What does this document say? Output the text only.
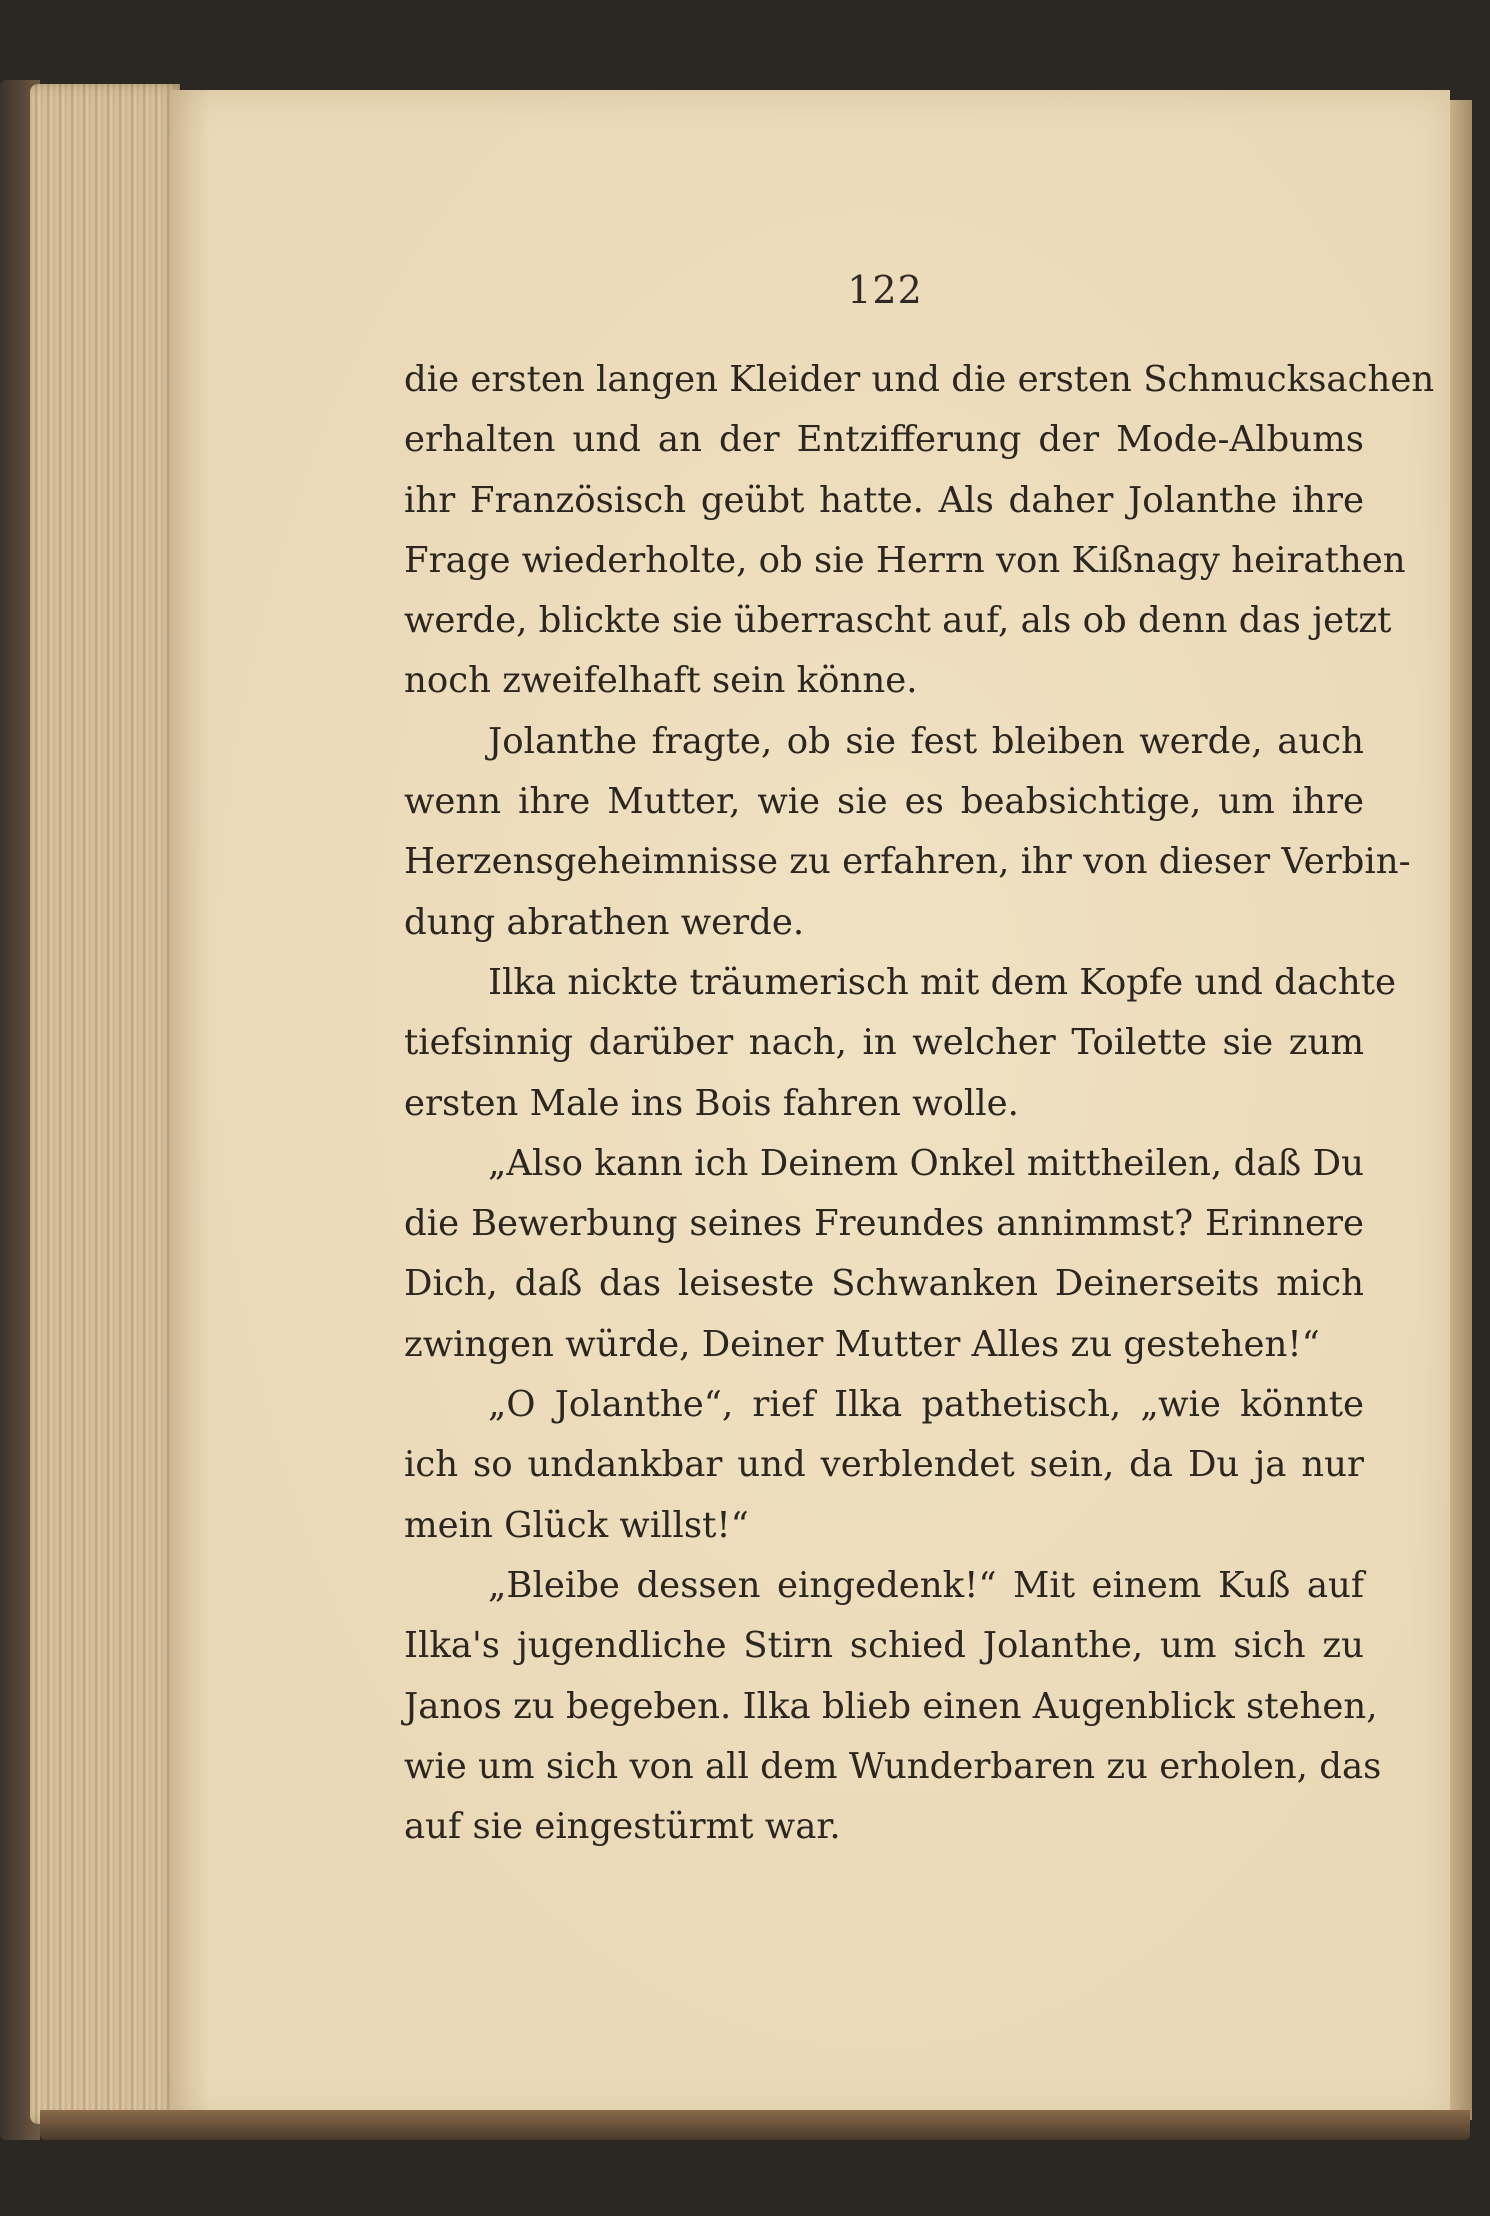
122

die ersten langen Kleider und die ersten Schmucksachen
erhalten und an der Entzifferung der Mode-Albums
ihr Französisch geübt hatte. Als daher Jolanthe ihre
Frage wiederholte, ob sie Herrn von Kißnagy heirathen
werde, blickte sie überrascht auf, als ob denn das jetzt
noch zweifelhaft sein könne.

Jolanthe fragte, ob sie fest bleiben werde, auch
wenn ihre Mutter, wie sie es beabsichtige, um ihre
Herzensgeheimnisse zu erfahren, ihr von dieser Verbin-
dung abrathen werde.

Ilka nickte träumerisch mit dem Kopfe und dachte
tiefsinnig darüber nach, in welcher Toilette sie zum
ersten Male ins Bois fahren wolle.

„Also kann ich Deinem Onkel mittheilen, daß Du
die Bewerbung seines Freundes annimmst? Erinnere
Dich, daß das leiseste Schwanken Deinerseits mich
zwingen würde, Deiner Mutter Alles zu gestehen!“

„O Jolanthe“, rief Ilka pathetisch, „wie könnte
ich so undankbar und verblendet sein, da Du ja nur
mein Glück willst!“

„Bleibe dessen eingedenk!“ Mit einem Kuß auf
Ilka's jugendliche Stirn schied Jolanthe, um sich zu
Janos zu begeben. Ilka blieb einen Augenblick stehen,
wie um sich von all dem Wunderbaren zu erholen, das
auf sie eingestürmt war.
